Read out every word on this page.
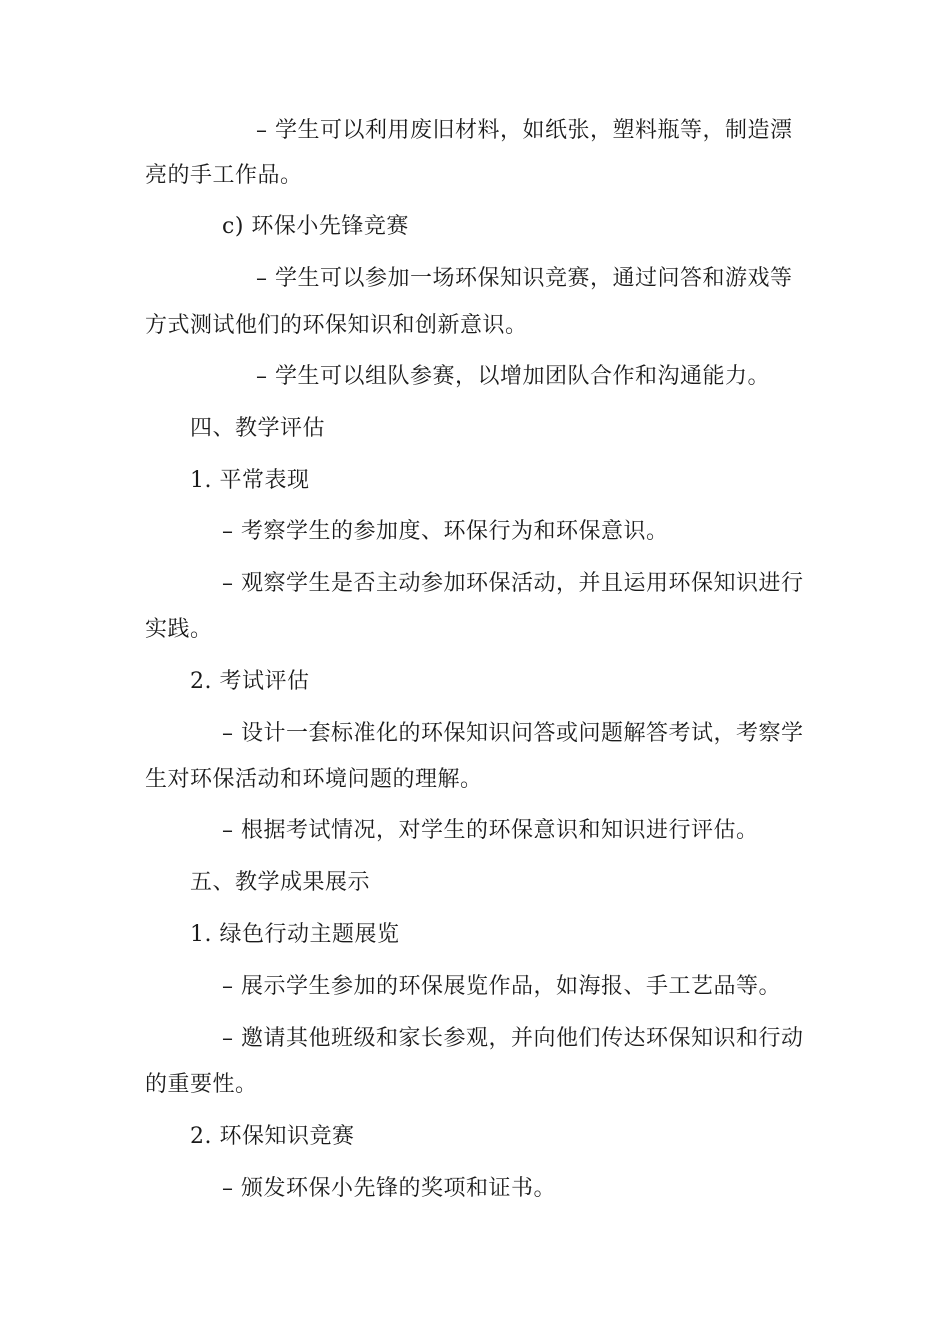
– 学生可以利用废旧材料，如纸张，塑料瓶等，制造漂
亮的手工作品。
c) 环保小先锋竞赛
– 学生可以参加一场环保知识竞赛，通过问答和游戏等
方式测试他们的环保知识和创新意识。
– 学生可以组队参赛，以增加团队合作和沟通能力。
四、教学评估
1. 平常表现
– 考察学生的参加度、环保行为和环保意识。
– 观察学生是否主动参加环保活动，并且运用环保知识进行
实践。
2. 考试评估
– 设计一套标准化的环保知识问答或问题解答考试，考察学
生对环保活动和环境问题的理解。
– 根据考试情况，对学生的环保意识和知识进行评估。
五、教学成果展示
1. 绿色行动主题展览
– 展示学生参加的环保展览作品，如海报、手工艺品等。
– 邀请其他班级和家长参观，并向他们传达环保知识和行动
的重要性。
2. 环保知识竞赛
– 颁发环保小先锋的奖项和证书。
